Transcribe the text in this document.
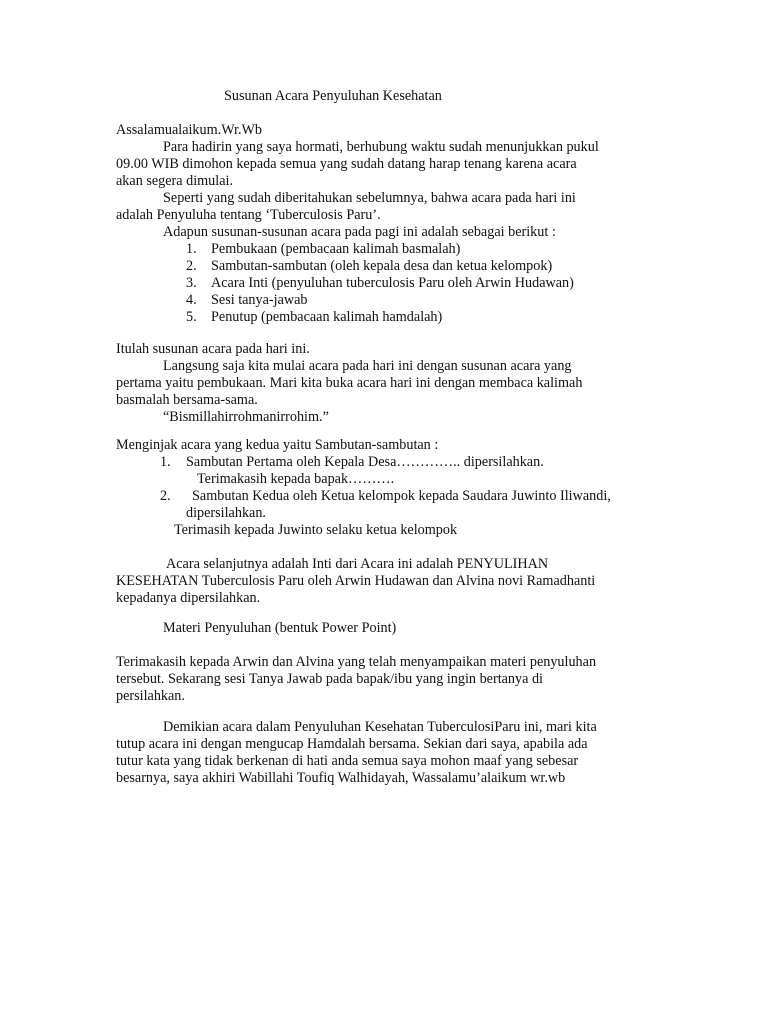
Susunan Acara Penyuluhan Kesehatan
Assalamualaikum.Wr.Wb
Para hadirin yang saya hormati, berhubung waktu sudah menunjukkan pukul
09.00 WIB dimohon kepada semua yang sudah datang harap tenang karena acara
akan segera dimulai.
Seperti yang sudah diberitahukan sebelumnya, bahwa acara pada hari ini
adalah Penyuluha tentang ‘Tuberculosis Paru’.
Adapun susunan-susunan acara pada pagi ini adalah sebagai berikut :
1. Pembukaan (pembacaan kalimah basmalah)
2. Sambutan-sambutan (oleh kepala desa dan ketua kelompok)
3. Acara Inti (penyuluhan tuberculosis Paru oleh Arwin Hudawan)
4. Sesi tanya-jawab
5. Penutup (pembacaan kalimah hamdalah)
Itulah susunan acara pada hari ini.
Langsung saja kita mulai acara pada hari ini dengan susunan acara yang
pertama yaitu pembukaan. Mari kita buka acara hari ini dengan membaca kalimah
basmalah bersama-sama.
“Bismillahirrohmanirrohim.”
Menginjak acara yang kedua yaitu Sambutan-sambutan :
1. Sambutan Pertama oleh Kepala Desa………….. dipersilahkan.
Terimakasih kepada bapak……….
2. Sambutan Kedua oleh Ketua kelompok kepada Saudara Juwinto Iliwandi,
dipersilahkan.
Terimasih kepada Juwinto selaku ketua kelompok
Acara selanjutnya adalah Inti dari Acara ini adalah PENYULIHAN
KESEHATAN Tuberculosis Paru oleh Arwin Hudawan dan Alvina novi Ramadhanti
kepadanya dipersilahkan.
Materi Penyuluhan (bentuk Power Point)
Terimakasih kepada Arwin dan Alvina yang telah menyampaikan materi penyuluhan
tersebut. Sekarang sesi Tanya Jawab pada bapak/ibu yang ingin bertanya di
persilahkan.
Demikian acara dalam Penyuluhan Kesehatan TuberculosiParu ini, mari kita
tutup acara ini dengan mengucap Hamdalah bersama. Sekian dari saya, apabila ada
tutur kata yang tidak berkenan di hati anda semua saya mohon maaf yang sebesar
besarnya, saya akhiri Wabillahi Toufiq Walhidayah, Wassalamu’alaikum wr.wb
